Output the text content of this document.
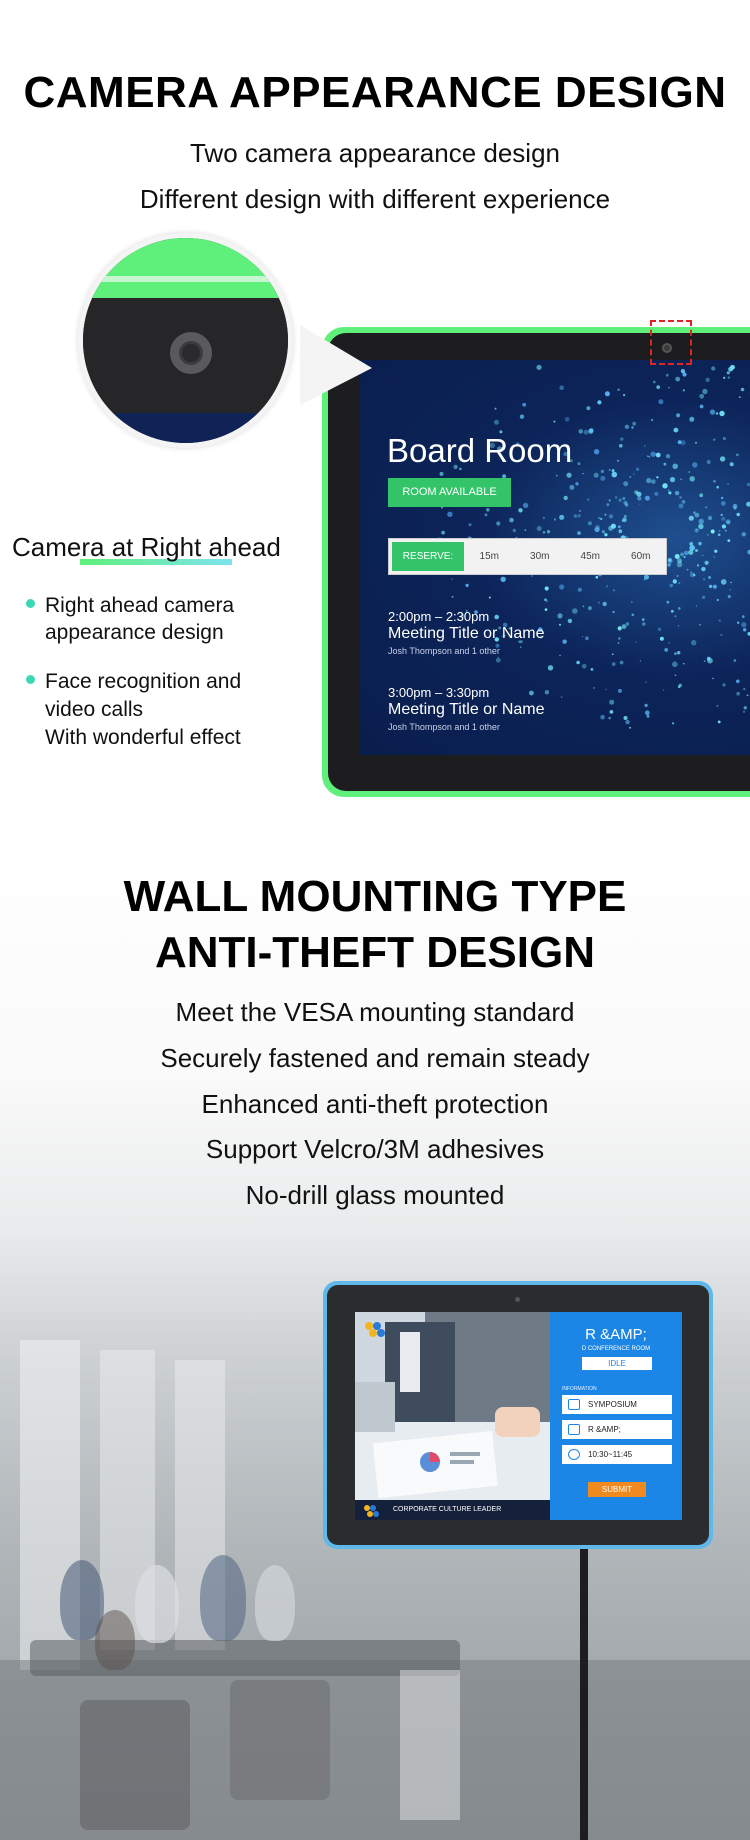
CAMERA APPEARANCE DESIGN

Two camera appearance design

Different design with different experience

Board Room
ROOM AVAILABLE
RESERVE:	15m	30m	45m	60m
2:00pm – 2:30pm
Meeting Title or Name
Josh Thompson and 1 other
3:00pm – 3:30pm
Meeting Title or Name
Josh Thompson and 1 other
Camera at Right ahead
Right ahead camera
appearance design
Face recognition and
video calls
With wonderful effect
WALL MOUNTING TYPE
ANTI-THEFT DESIGN

Meet the VESA mounting standard

Securely fastened and remain steady

Enhanced anti-theft protection

Support Velcro/3M adhesives

No-drill glass mounted

CORPORATE CULTURE LEADER
R &AMP;
D CONFERENCE ROOM
IDLE
INFORMATION
SYMPOSIUM
R &AMP;
10:30~11:45
SUBMIT
